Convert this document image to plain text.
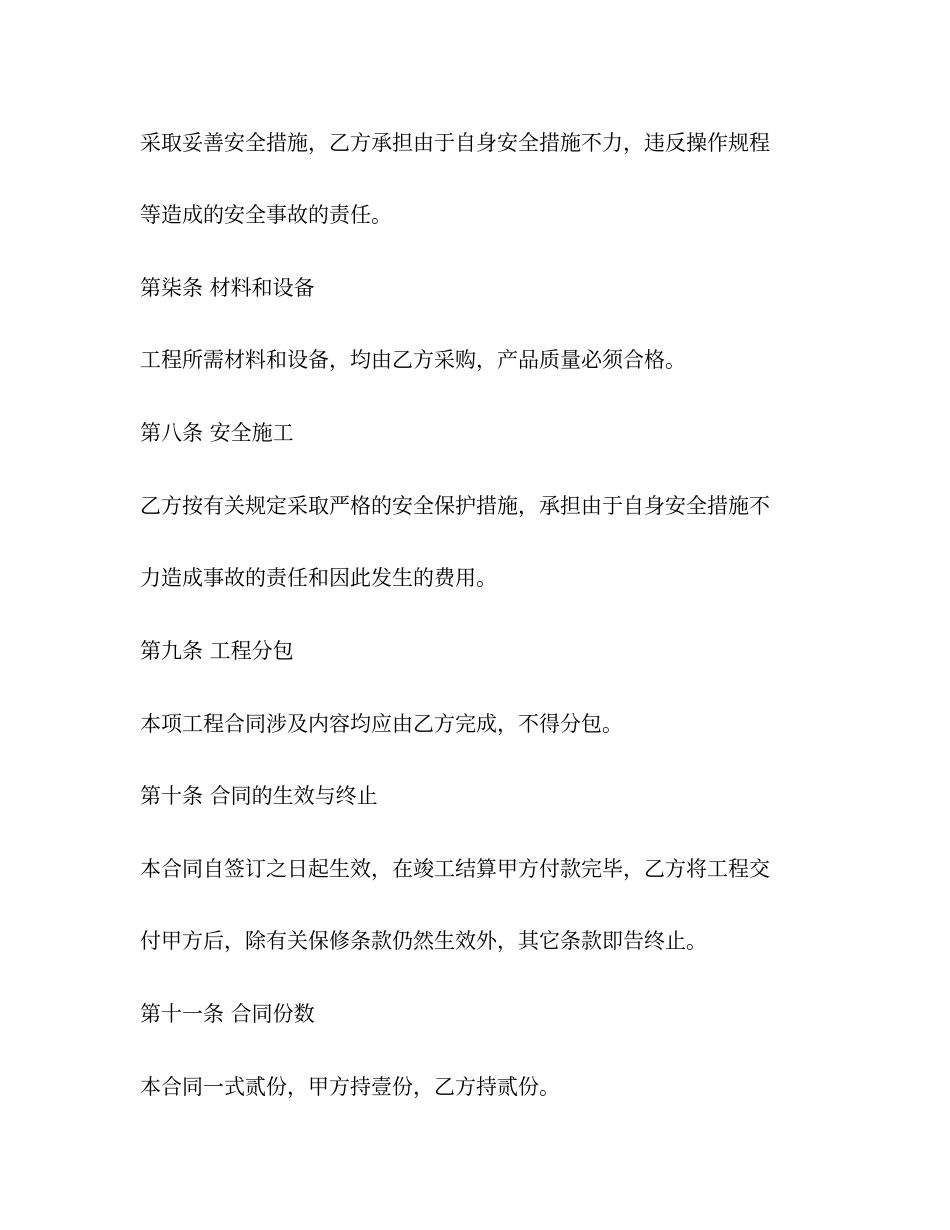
采取妥善安全措施，乙方承担由于自身安全措施不力，违反操作规程

等造成的安全事故的责任。

第柒条 材料和设备

工程所需材料和设备，均由乙方采购，产品质量必须合格。

第八条 安全施工

乙方按有关规定采取严格的安全保护措施，承担由于自身安全措施不

力造成事故的责任和因此发生的费用。

第九条 工程分包

本项工程合同涉及内容均应由乙方完成，不得分包。

第十条 合同的生效与终止

本合同自签订之日起生效，在竣工结算甲方付款完毕，乙方将工程交

付甲方后，除有关保修条款仍然生效外，其它条款即告终止。

第十一条 合同份数

本合同一式贰份，甲方持壹份，乙方持贰份。
